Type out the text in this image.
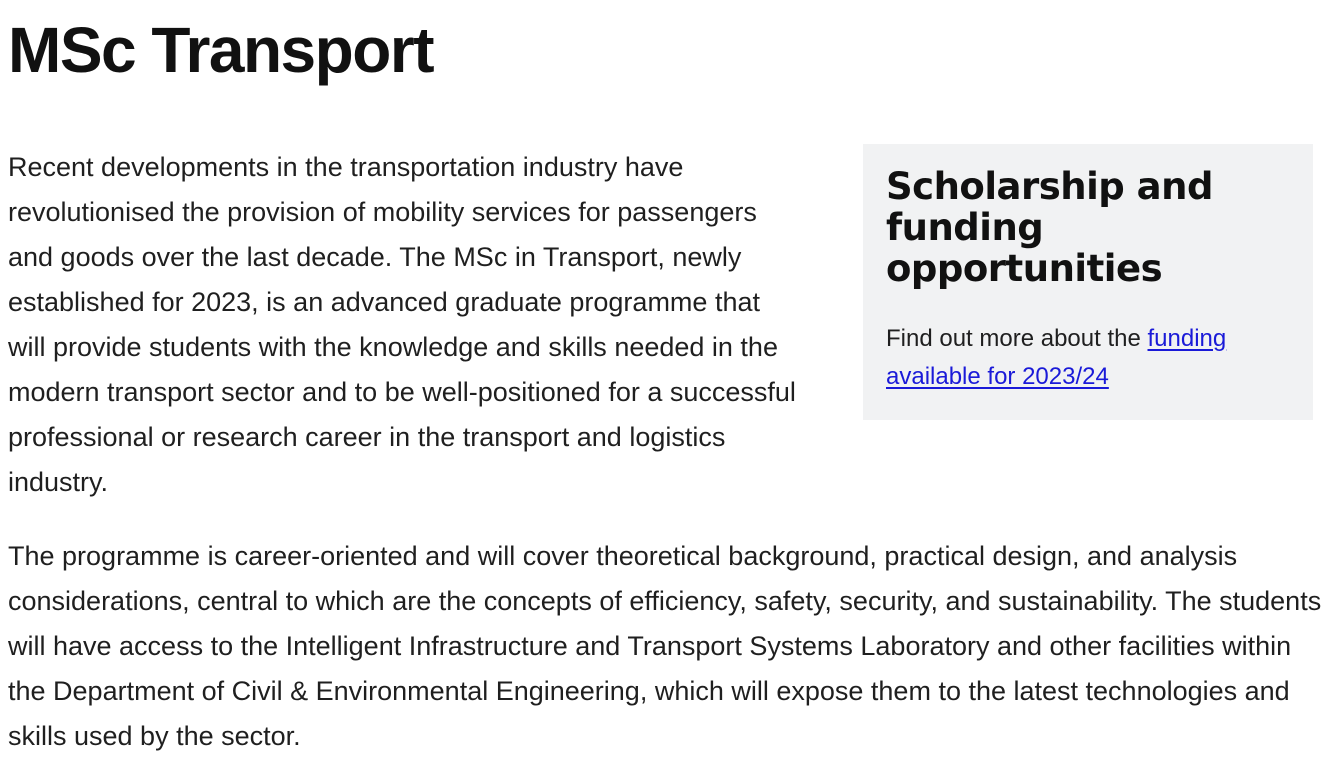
MSc Transport

Recent developments in the transportation industry have revolutionised the provision of mobility services for passengers and goods over the last decade. The MSc in Transport, newly established for 2023, is an advanced graduate programme that will provide students with the knowledge and skills needed in the modern transport sector and to be well-positioned for a successful professional or research career in the transport and logistics industry.

Scholarship and funding opportunities

Find out more about the funding available for 2023/24

The programme is career-oriented and will cover theoretical background, practical design, and analysis considerations, central to which are the concepts of efficiency, safety, security, and sustainability. The students will have access to the Intelligent Infrastructure and Transport Systems Laboratory and other facilities within the Department of Civil & Environmental Engineering, which will expose them to the latest technologies and skills used by the sector.
